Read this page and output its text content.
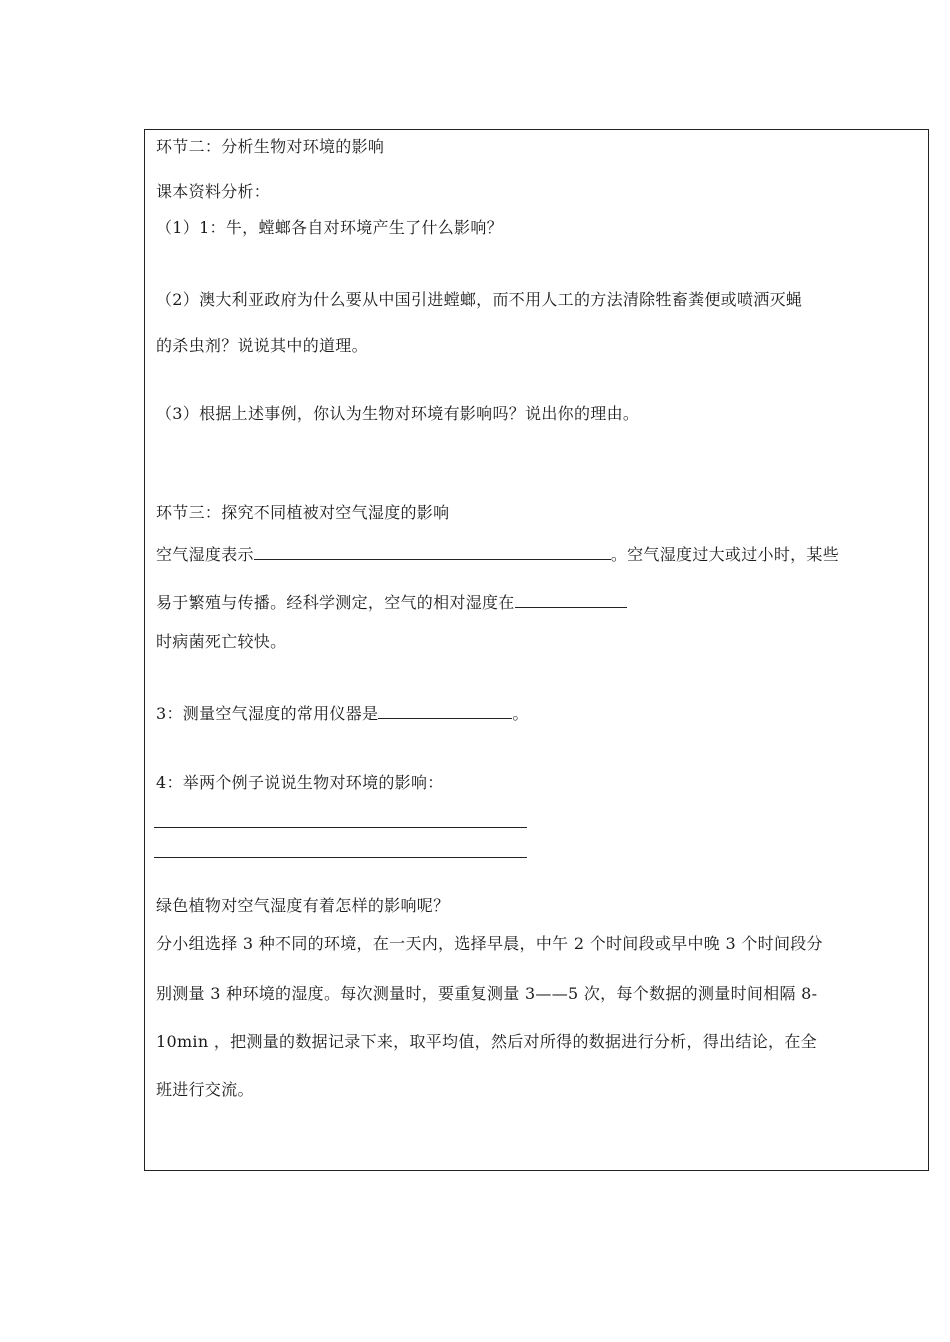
环节二：分析生物对环境的影响
课本资料分析：
（1）1：牛，螳螂各自对环境产生了什么影响？
（2）澳大利亚政府为什么要从中国引进螳螂，而不用人工的方法清除牲畜粪便或喷洒灭蝇
的杀虫剂？说说其中的道理。
（3）根据上述事例，你认为生物对环境有影响吗？说出你的理由。
环节三：探究不同植被对空气湿度的影响
空气湿度表示	。空气湿度过大或过小时，某些
易于繁殖与传播。经科学测定，空气的相对湿度在
时病菌死亡较快。
3：测量空气湿度的常用仪器是	。
4：举两个例子说说生物对环境的影响：
绿色植物对空气湿度有着怎样的影响呢？
分小组选择 3 种不同的环境，在一天内，选择早晨，中午 2 个时间段或早中晚 3 个时间段分
别测量 3 种环境的湿度。每次测量时，要重复测量 3——5 次，每个数据的测量时间相隔 8-
10min ，把测量的数据记录下来，取平均值，然后对所得的数据进行分析，得出结论，在全
班进行交流。
